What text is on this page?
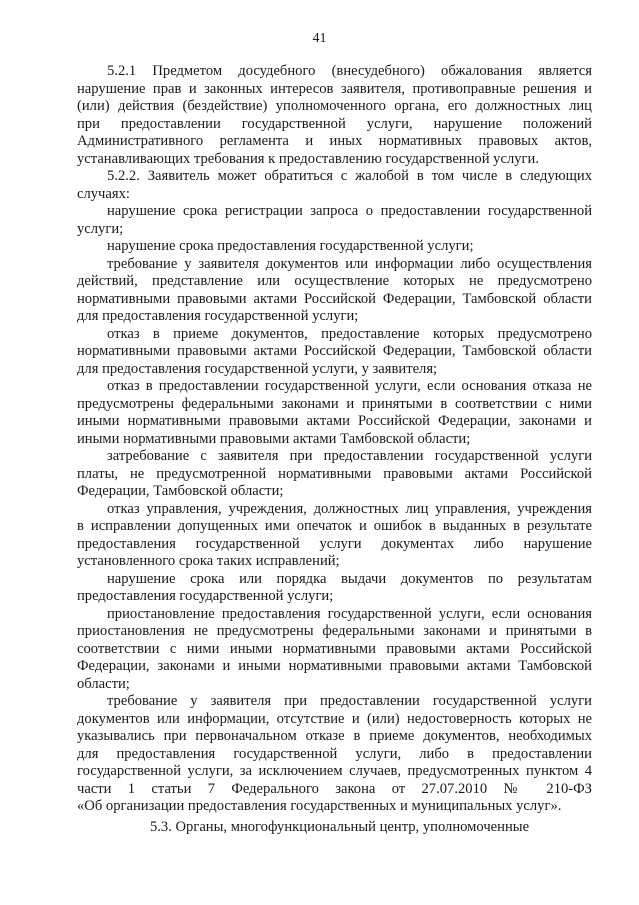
41
5.2.1 Предметом досудебного (внесудебного) обжалования является
нарушение прав и законных интересов заявителя, противоправные решения и
(или) действия (бездействие) уполномоченного органа, его должностных лиц
при предоставлении государственной услуги, нарушение положений
Административного регламента и иных нормативных правовых актов,
устанавливающих требования к предоставлению государственной услуги.
5.2.2. Заявитель может обратиться с жалобой в том числе в следующих
случаях:
нарушение срока регистрации запроса о предоставлении государственной
услуги;
нарушение срока предоставления государственной услуги;
требование у заявителя документов или информации либо осуществления
действий, представление или осуществление которых не предусмотрено
нормативными правовыми актами Российской Федерации, Тамбовской области
для предоставления государственной услуги;
отказ в приеме документов, предоставление которых предусмотрено
нормативными правовыми актами Российской Федерации, Тамбовской области
для предоставления государственной услуги, у заявителя;
отказ в предоставлении государственной услуги, если основания отказа не
предусмотрены федеральными законами и принятыми в соответствии с ними
иными нормативными правовыми актами Российской Федерации, законами и
иными нормативными правовыми актами Тамбовской области;
затребование с заявителя при предоставлении государственной услуги
платы, не предусмотренной нормативными правовыми актами Российской
Федерации, Тамбовской области;
отказ управления, учреждения, должностных лиц управления, учреждения
в исправлении допущенных ими опечаток и ошибок в выданных в результате
предоставления государственной услуги документах либо нарушение
установленного срока таких исправлений;
нарушение срока или порядка выдачи документов по результатам
предоставления государственной услуги;
приостановление предоставления государственной услуги, если основания
приостановления не предусмотрены федеральными законами и принятыми в
соответствии с ними иными нормативными правовыми актами Российской
Федерации, законами и иными нормативными правовыми актами Тамбовской
области;
требование у заявителя при предоставлении государственной услуги
документов или информации, отсутствие и (или) недостоверность которых не
указывались при первоначальном отказе в приеме документов, необходимых
для предоставления государственной услуги, либо в предоставлении
государственной услуги, за исключением случаев, предусмотренных пунктом 4
части 1 статьи 7 Федерального закона от 27.07.2010 № 210-ФЗ
«Об организации предоставления государственных и муниципальных услуг».
5.3. Органы, многофункциональный центр, уполномоченные
